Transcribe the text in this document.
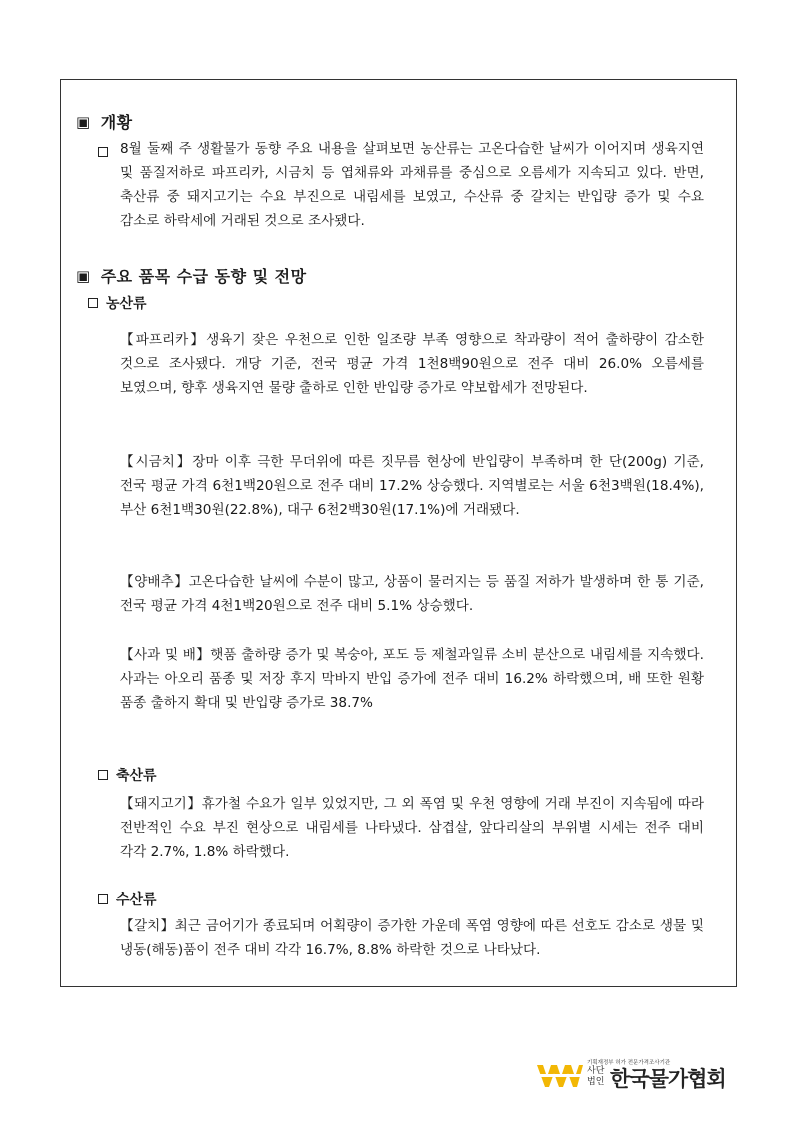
▣ 개황
8월 둘째 주 생활물가 동향 주요 내용을 살펴보면 농산류는 고온다습한 날씨가 이어지며 생육지연 및 품질저하로 파프리카, 시금치 등 엽채류와 과채류를 중심으로 오름세가 지속되고 있다. 반면, 축산류 중 돼지고기는 수요 부진으로 내림세를 보였고, 수산류 중 갈치는 반입량 증가 및 수요 감소로 하락세에 거래된 것으로 조사됐다.
▣ 주요 품목 수급 동향 및 전망
농산류
【파프리카】생육기 잦은 우천으로 인한 일조량 부족 영향으로 착과량이 적어 출하량이 감소한 것으로 조사됐다. 개당 기준, 전국 평균 가격 1천8백90원으로 전주 대비 26.0% 오름세를 보였으며, 향후 생육지연 물량 출하로 인한 반입량 증가로 약보합세가 전망된다.
【시금치】장마 이후 극한 무더위에 따른 짓무름 현상에 반입량이 부족하며 한 단(200g) 기준, 전국 평균 가격 6천1백20원으로 전주 대비 17.2% 상승했다. 지역별로는 서울 6천3백원(18.4%), 부산 6천1백30원(22.8%), 대구 6천2백30원(17.1%)에 거래됐다.
【양배추】고온다습한 날씨에 수분이 많고, 상품이 물러지는 등 품질 저하가 발생하며 한 통 기준, 전국 평균 가격 4천1백20원으로 전주 대비 5.1% 상승했다.
【사과 및 배】햇품 출하량 증가 및 복숭아, 포도 등 제철과일류 소비 분산으로 내림세를 지속했다. 사과는 아오리 품종 및 저장 후지 막바지 반입 증가에 전주 대비 16.2% 하락했으며, 배 또한 원황 품종 출하지 확대 및 반입량 증가로 38.7%
축산류
【돼지고기】휴가철 수요가 일부 있었지만, 그 외 폭염 및 우천 영향에 거래 부진이 지속됨에 따라 전반적인 수요 부진 현상으로 내림세를 나타냈다. 삼겹살, 앞다리살의 부위별 시세는 전주 대비 각각 2.7%, 1.8% 하락했다.
수산류
【갈치】최근 금어기가 종료되며 어획량이 증가한 가운데 폭염 영향에 따른 선호도 감소로 생물 및 냉동(해동)품이 전주 대비 각각 16.7%, 8.8% 하락한 것으로 나타났다.
기획재정부 허가 전문가격조사기관
사단법인 한국물가협회
